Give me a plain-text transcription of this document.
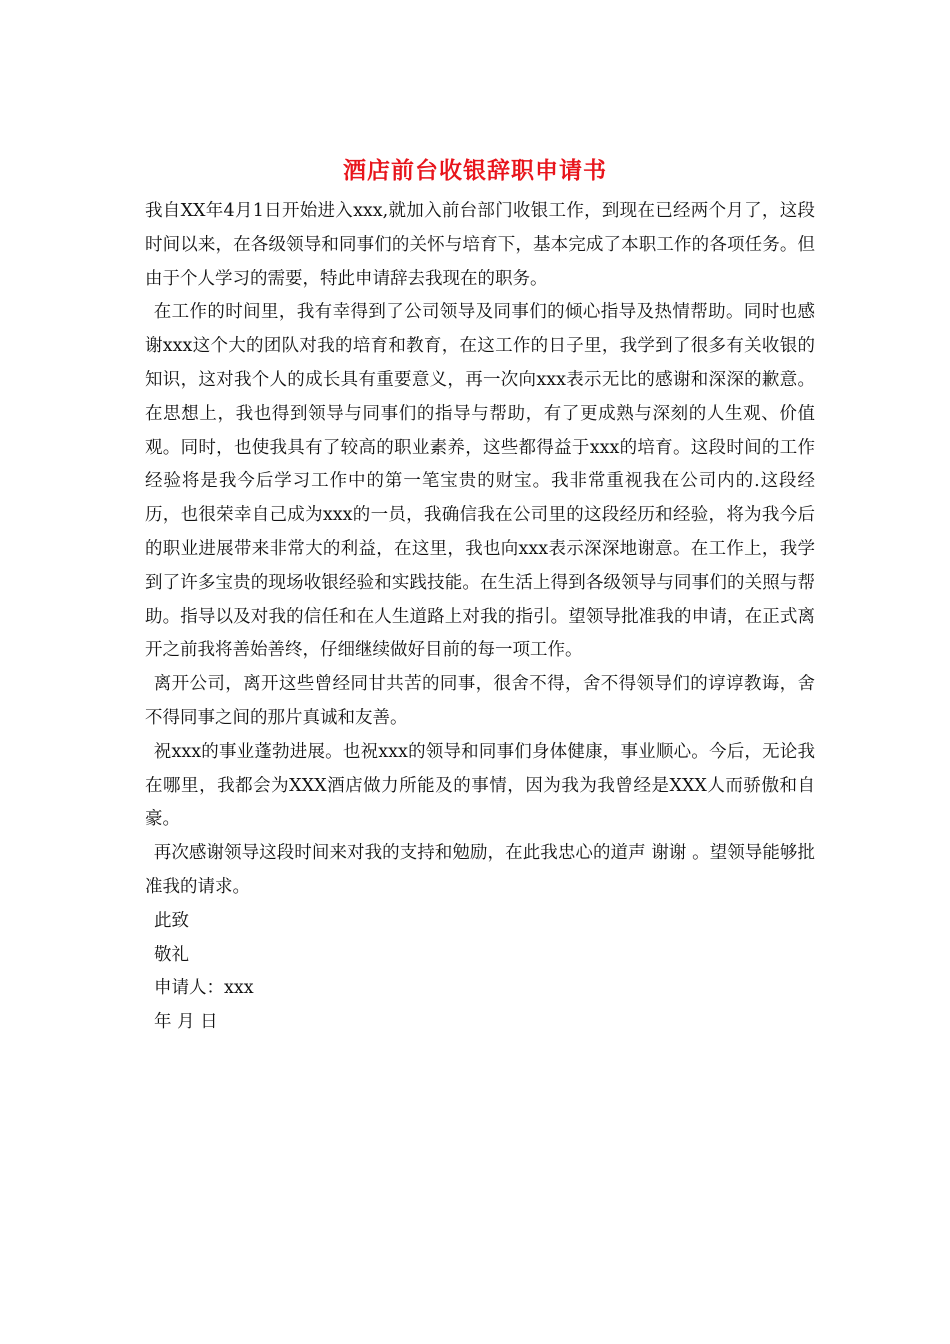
酒店前台收银辞职申请书

我自XX年4月1日开始进入xxx,就加入前台部门收银工作，到现在已经两个月了，这段时间以来，在各级领导和同事们的关怀与培育下，基本完成了本职工作的各项任务。但由于个人学习的需要，特此申请辞去我现在的职务。

在工作的时间里，我有幸得到了公司领导及同事们的倾心指导及热情帮助。同时也感谢xxx这个大的团队对我的培育和教育，在这工作的日子里，我学到了很多有关收银的知识，这对我个人的成长具有重要意义，再一次向xxx表示无比的感谢和深深的歉意。在思想上，我也得到领导与同事们的指导与帮助，有了更成熟与深刻的人生观、价值观。同时，也使我具有了较高的职业素养，这些都得益于xxx的培育。这段时间的工作经验将是我今后学习工作中的第一笔宝贵的财宝。我非常重视我在公司内的.这段经历，也很荣幸自己成为xxx的一员，我确信我在公司里的这段经历和经验，将为我今后的职业进展带来非常大的利益，在这里，我也向xxx表示深深地谢意。在工作上，我学到了许多宝贵的现场收银经验和实践技能。在生活上得到各级领导与同事们的关照与帮助。指导以及对我的信任和在人生道路上对我的指引。望领导批准我的申请，在正式离开之前我将善始善终，仔细继续做好目前的每一项工作。

离开公司，离开这些曾经同甘共苦的同事，很舍不得，舍不得领导们的谆谆教诲，舍不得同事之间的那片真诚和友善。

祝xxx的事业蓬勃进展。也祝xxx的领导和同事们身体健康，事业顺心。今后，无论我在哪里，我都会为XXX酒店做力所能及的事情，因为我为我曾经是XXX人而骄傲和自豪。

再次感谢领导这段时间来对我的支持和勉励，在此我忠心的道声 谢谢 。望领导能够批准我的请求。

此致

敬礼

申请人：xxx

年 月 日
